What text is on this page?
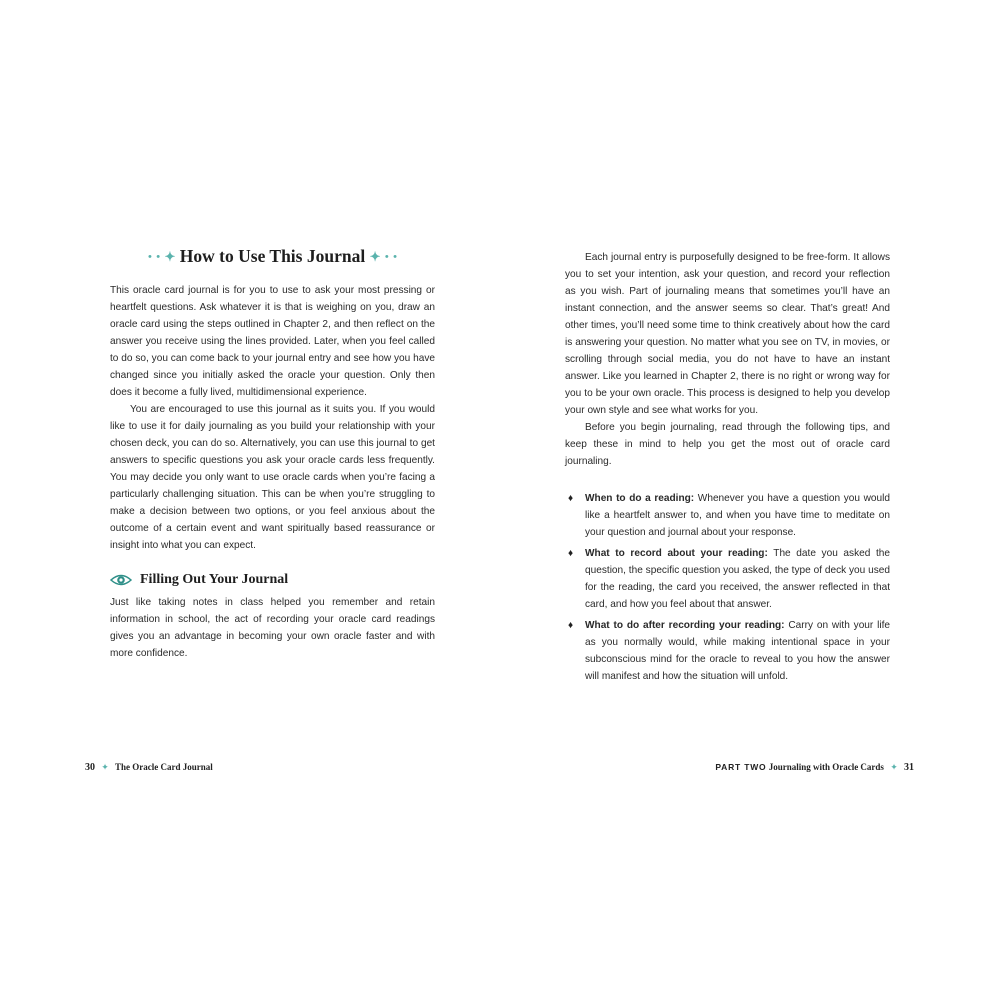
• • ✦ How to Use This Journal ✦ • •

This oracle card journal is for you to use to ask your most pressing or heartfelt questions. Ask whatever it is that is weighing on you, draw an oracle card using the steps outlined in Chapter 2, and then reflect on the answer you receive using the lines provided. Later, when you feel called to do so, you can come back to your journal entry and see how you have changed since you initially asked the oracle your question. Only then does it become a fully lived, multidimensional experience.

You are encouraged to use this journal as it suits you. If you would like to use it for daily journaling as you build your relationship with your chosen deck, you can do so. Alternatively, you can use this journal to get answers to specific questions you ask your oracle cards less frequently. You may decide you only want to use oracle cards when you’re facing a particularly challenging situation. This can be when you’re struggling to make a decision between two options, or you feel anxious about the outcome of a certain event and want spiritually based reassurance or insight into what you can expect.

Filling Out Your Journal

Just like taking notes in class helped you remember and retain information in school, the act of recording your oracle card readings gives you an advantage in becoming your own oracle faster and with more confidence.

30 ✦ The Oracle Card Journal

Each journal entry is purposefully designed to be free-form. It allows you to set your intention, ask your question, and record your reflection as you wish. Part of journaling means that sometimes you’ll have an instant connection, and the answer seems so clear. That’s great! And other times, you’ll need some time to think creatively about how the card is answering your question. No matter what you see on TV, in movies, or scrolling through social media, you do not have to have an instant answer. Like you learned in Chapter 2, there is no right or wrong way for you to be your own oracle. This process is designed to help you develop your own style and see what works for you.

Before you begin journaling, read through the following tips, and keep these in mind to help you get the most out of oracle card journaling.

♦ When to do a reading: Whenever you have a question you would like a heartfelt answer to, and when you have time to meditate on your question and journal about your response.

♦ What to record about your reading: The date you asked the question, the specific question you asked, the type of deck you used for the reading, the card you received, the answer reflected in that card, and how you feel about that answer.

♦ What to do after recording your reading: Carry on with your life as you normally would, while making intentional space in your subconscious mind for the oracle to reveal to you how the answer will manifest and how the situation will unfold.

PART TWO Journaling with Oracle Cards ✦ 31
